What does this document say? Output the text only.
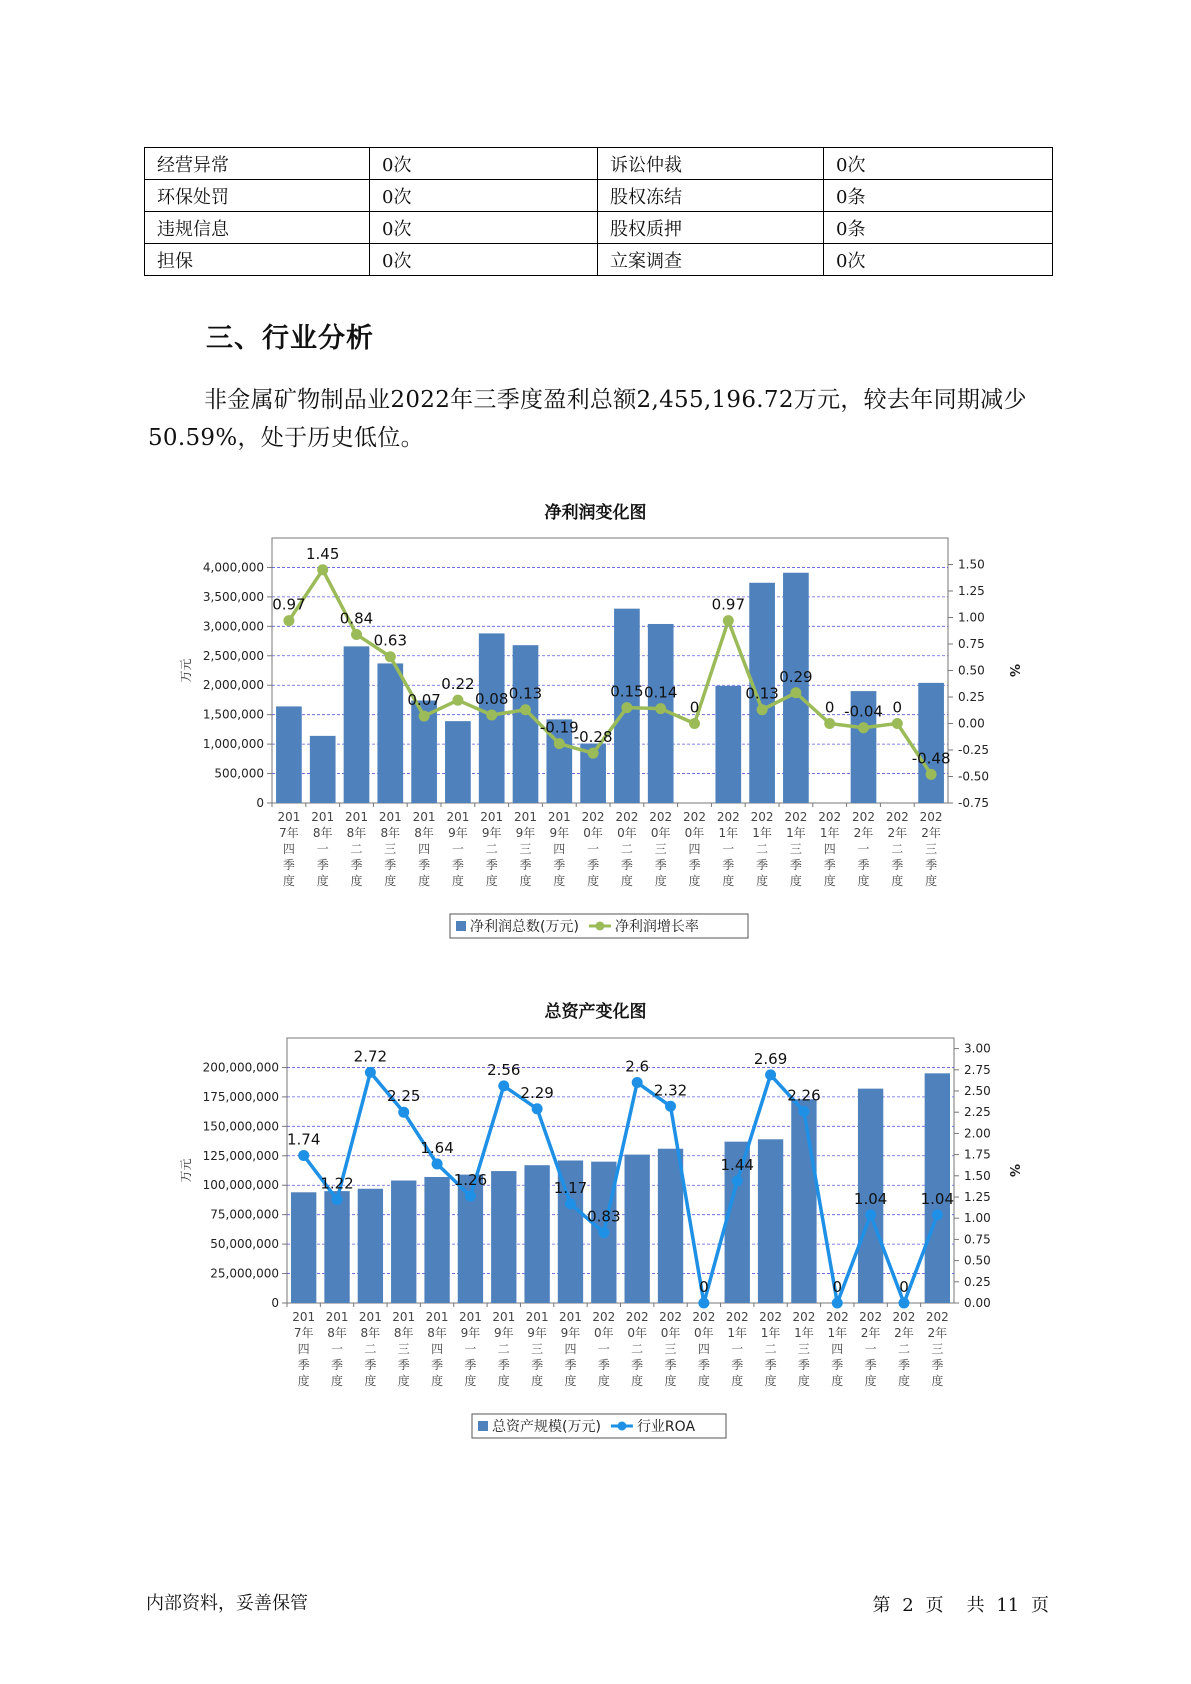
经营异常	0次	诉讼仲裁	0次
环保处罚	0次	股权冻结	0条
违规信息	0次	股权质押	0条
担保	0次	立案调查	0次
三、行业分析

非金属矿物制品业2022年三季度盈利总额2,455,196.72万元，较去年同期减少50.59%，处于历史低位。

净利润变化图
0
500,000
1,000,000
1,500,000
2,000,000
2,500,000
3,000,000
3,500,000
4,000,000
-0.75
-0.50
-0.25
0.00
0.25
0.50
0.75
1.00
1.25
1.50
万元	%
201 7年四季度
201 8年一季度
201 8年二季度
201 8年三季度
201 8年四季度
201 9年一季度
201 9年二季度
201 9年三季度
201 9年四季度
202 0年一季度
202 0年二季度
202 0年三季度
202 0年四季度
202 1年一季度
202 1年二季度
202 1年三季度
202 1年四季度
202 2年一季度
202 2年二季度
202 2年三季度
0.97
1.45
0.84
0.63
0.07
0.22
0.08 0.13
-0.19
-0.28
0.15 0.14
0
0.97
0.13
0.29
0 -0.04 0
-0.48
净利润总数(万元)	净利润增长率
总资产变化图
0
25,000,000
50,000,000
75,000,000
100,000,000
125,000,000
150,000,000
175,000,000
200,000,000
0.00
0.25
0.50
0.75
1.00
1.25
1.50
1.75
2.00
2.25
2.50
2.75
3.00
万元	%
201 7年四季度
201 8年一季度
201 8年二季度
201 8年三季度
201 8年四季度
201 9年一季度
201 9年二季度
201 9年三季度
201 9年四季度
202 0年一季度
202 0年二季度
202 0年三季度
202 0年四季度
202 1年一季度
202 1年二季度
202 1年三季度
202 1年四季度
202 2年一季度
202 2年二季度
202 2年三季度
1.74
1.22
2.72
2.25
1.64
1.26
2.56
2.29
1.17
0.83
2.6
2.32
0
1.44
2.69
2.26
0
1.04
0
1.04
总资产规模(万元)	行业ROA
内部资料，妥善保管	第 2 页 共 11 页
